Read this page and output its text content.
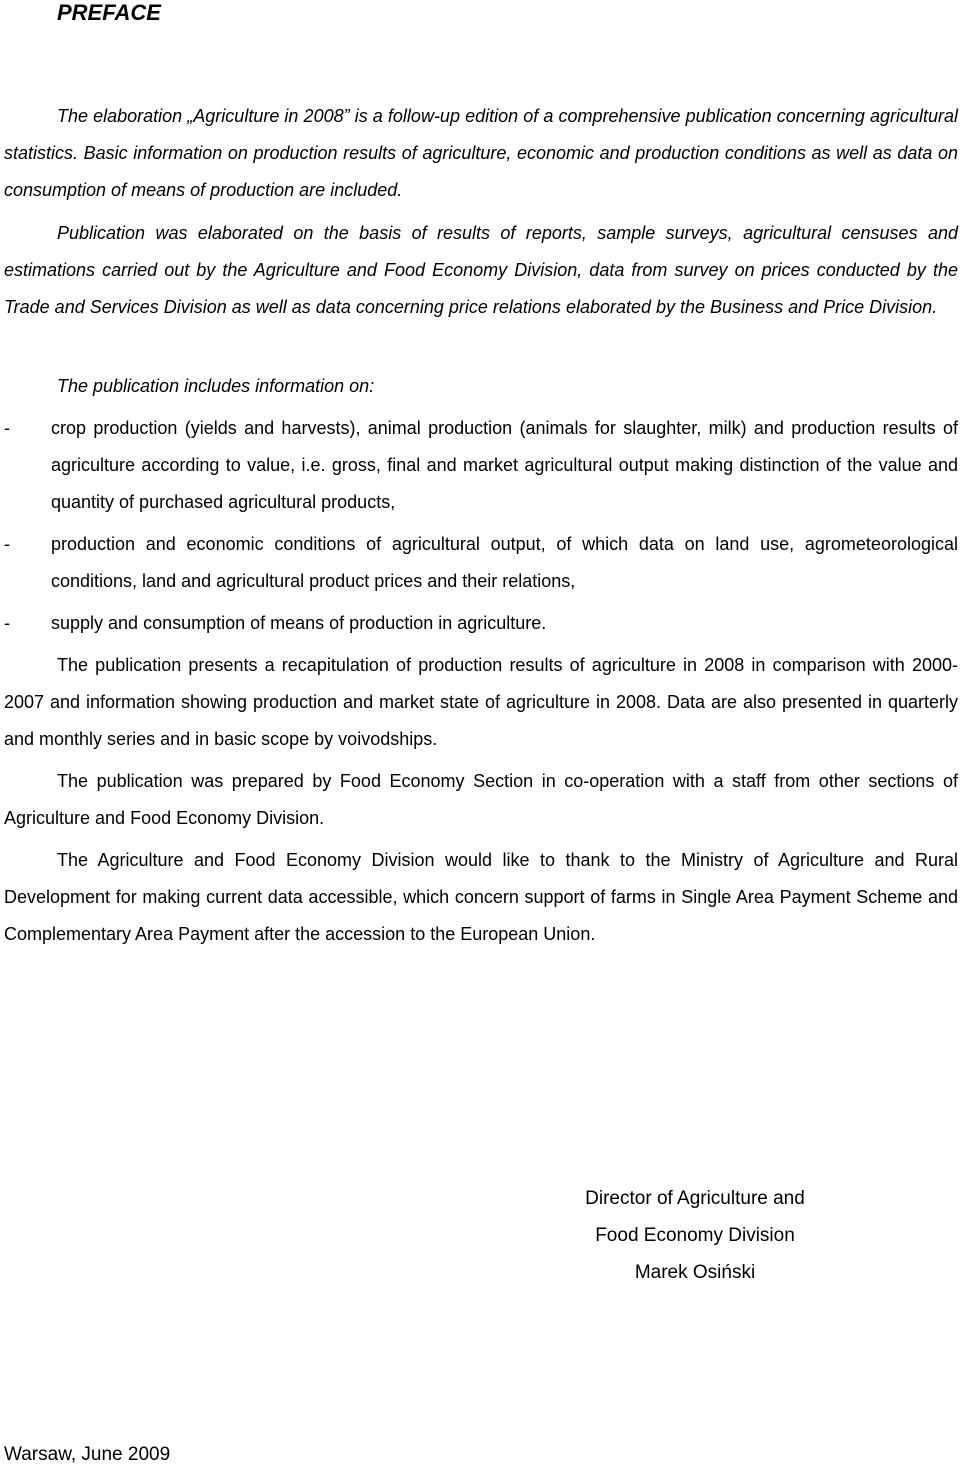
PREFACE

The elaboration „Agriculture in 2008” is a follow-up edition of a comprehensive publication concerning agricultural statistics. Basic information on production results of agriculture, economic and production conditions as well as data on consumption of means of production are included.

Publication was elaborated on the basis of results of reports, sample surveys, agricultural censuses and estimations carried out by the Agriculture and Food Economy Division, data from survey on prices conducted by the Trade and Services Division as well as data concerning price relations elaborated by the Business and Price Division.

The publication includes information on:

- crop production (yields and harvests), animal production (animals for slaughter, milk) and production results of agriculture according to value, i.e. gross, final and market agricultural output making distinction of the value and quantity of purchased agricultural products,
- production and economic conditions of agricultural output, of which data on land use, agrometeorological conditions, land and agricultural product prices and their relations,
- supply and consumption of means of production in agriculture.

The publication presents a recapitulation of production results of agriculture in 2008 in comparison with 2000-2007 and information showing production and market state of agriculture in 2008. Data are also presented in quarterly and monthly series and in basic scope by voivodships.

The publication was prepared by Food Economy Section in co-operation with a staff from other sections of Agriculture and Food Economy Division.

The Agriculture and Food Economy Division would like to thank to the Ministry of Agriculture and Rural Development for making current data accessible, which concern support of farms in Single Area Payment Scheme and Complementary Area Payment after the accession to the European Union.

Director of Agriculture and
Food Economy Division
Marek Osiński
Warsaw, June 2009
